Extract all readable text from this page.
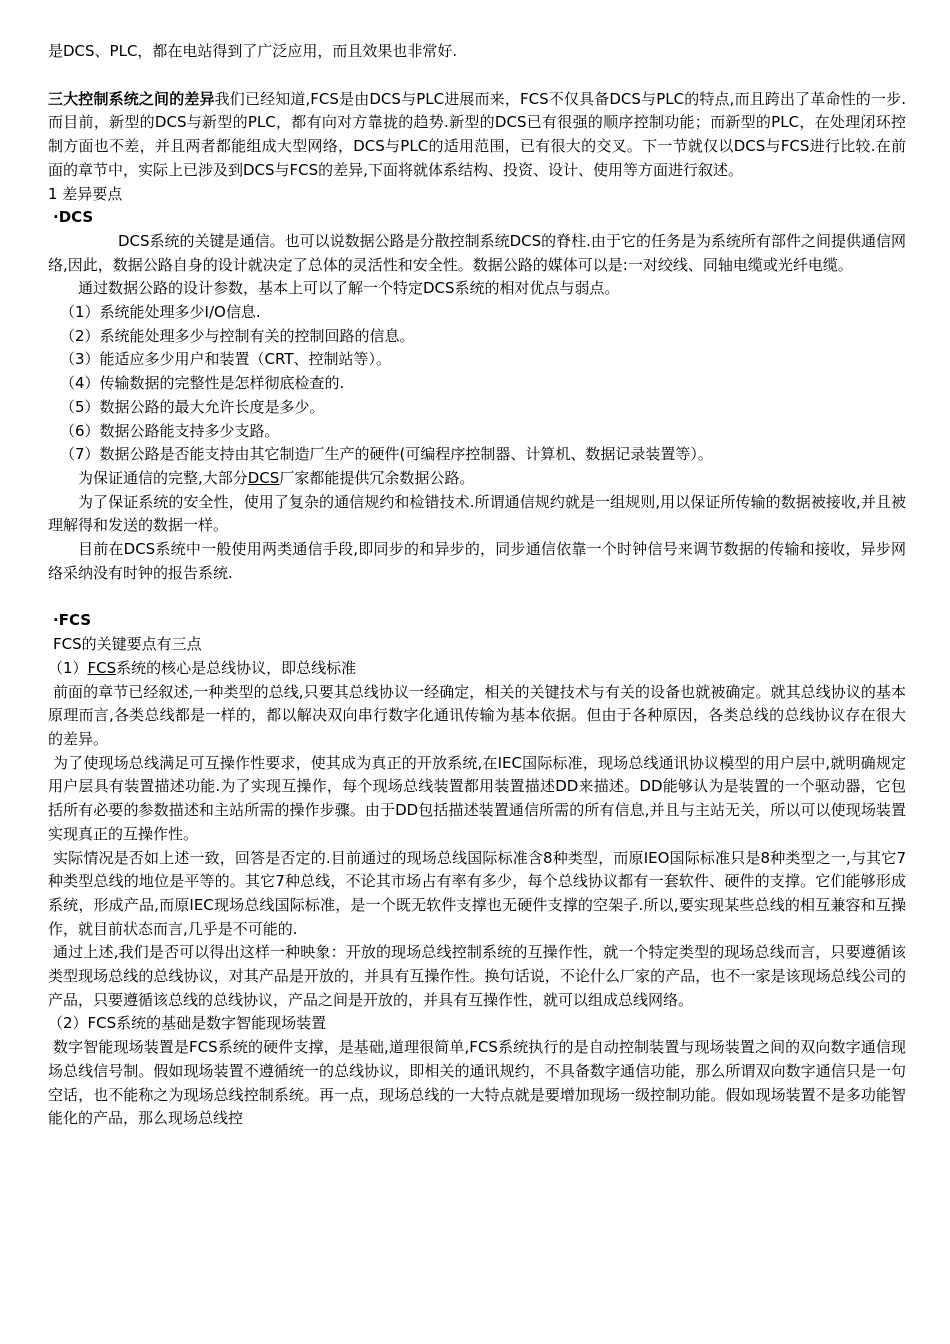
是DCS、PLC，都在电站得到了广泛应用，而且效果也非常好.

三大控制系统之间的差异我们已经知道,FCS是由DCS与PLC进展而来，FCS不仅具备DCS与PLC的特点,而且跨出了革命性的一步.而目前，新型的DCS与新型的PLC，都有向对方靠拢的趋势.新型的DCS已有很强的顺序控制功能；而新型的PLC，在处理闭环控制方面也不差，并且两者都能组成大型网络，DCS与PLC的适用范围，已有很大的交叉。下一节就仅以DCS与FCS进行比较.在前面的章节中，实际上已涉及到DCS与FCS的差异,下面将就体系结构、投资、设计、使用等方面进行叙述。

1 差异要点

·DCS

DCS系统的关键是通信。也可以说数据公路是分散控制系统DCS的脊柱.由于它的任务是为系统所有部件之间提供通信网络,因此，数据公路自身的设计就决定了总体的灵活性和安全性。数据公路的媒体可以是:一对绞线、同轴电缆或光纤电缆。

通过数据公路的设计参数，基本上可以了解一个特定DCS系统的相对优点与弱点。

（1）系统能处理多少I/O信息.

（2）系统能处理多少与控制有关的控制回路的信息。

（3）能适应多少用户和装置（CRT、控制站等）。

（4）传输数据的完整性是怎样彻底检查的.

（5）数据公路的最大允许长度是多少。

（6）数据公路能支持多少支路。

（7）数据公路是否能支持由其它制造厂生产的硬件(可编程序控制器、计算机、数据记录装置等）。

为保证通信的完整,大部分DCS厂家都能提供冗余数据公路。

为了保证系统的安全性，使用了复杂的通信规约和检错技术.所谓通信规约就是一组规则,用以保证所传输的数据被接收,并且被理解得和发送的数据一样。

目前在DCS系统中一般使用两类通信手段,即同步的和异步的，同步通信依靠一个时钟信号来调节数据的传输和接收，异步网络采纳没有时钟的报告系统.

·FCS

FCS的关键要点有三点

（1）FCS系统的核心是总线协议，即总线标准

前面的章节已经叙述,一种类型的总线,只要其总线协议一经确定，相关的关键技术与有关的设备也就被确定。就其总线协议的基本原理而言,各类总线都是一样的，都以解决双向串行数字化通讯传输为基本依据。但由于各种原因，各类总线的总线协议存在很大的差异。

为了使现场总线满足可互操作性要求，使其成为真正的开放系统,在IEC国际标准，现场总线通讯协议模型的用户层中,就明确规定用户层具有装置描述功能.为了实现互操作，每个现场总线装置都用装置描述DD来描述。DD能够认为是装置的一个驱动器，它包括所有必要的参数描述和主站所需的操作步骤。由于DD包括描述装置通信所需的所有信息,并且与主站无关，所以可以使现场装置实现真正的互操作性。

实际情况是否如上述一致，回答是否定的.目前通过的现场总线国际标准含8种类型，而原IEO国际标准只是8种类型之一,与其它7种类型总线的地位是平等的。其它7种总线，不论其市场占有率有多少，每个总线协议都有一套软件、硬件的支撑。它们能够形成系统，形成产品,而原IEC现场总线国际标准，是一个既无软件支撑也无硬件支撑的空架子.所以,要实现某些总线的相互兼容和互操作，就目前状态而言,几乎是不可能的.

通过上述,我们是否可以得出这样一种映象：开放的现场总线控制系统的互操作性，就一个特定类型的现场总线而言，只要遵循该类型现场总线的总线协议，对其产品是开放的，并具有互操作性。换句话说，不论什么厂家的产品，也不一家是该现场总线公司的产品，只要遵循该总线的总线协议，产品之间是开放的，并具有互操作性，就可以组成总线网络。

（2）FCS系统的基础是数字智能现场装置

数字智能现场装置是FCS系统的硬件支撑，是基础,道理很简单,FCS系统执行的是自动控制装置与现场装置之间的双向数字通信现场总线信号制。假如现场装置不遵循统一的总线协议，即相关的通讯规约，不具备数字通信功能，那么所谓双向数字通信只是一句空话，也不能称之为现场总线控制系统。再一点，现场总线的一大特点就是要增加现场一级控制功能。假如现场装置不是多功能智能化的产品，那么现场总线控
